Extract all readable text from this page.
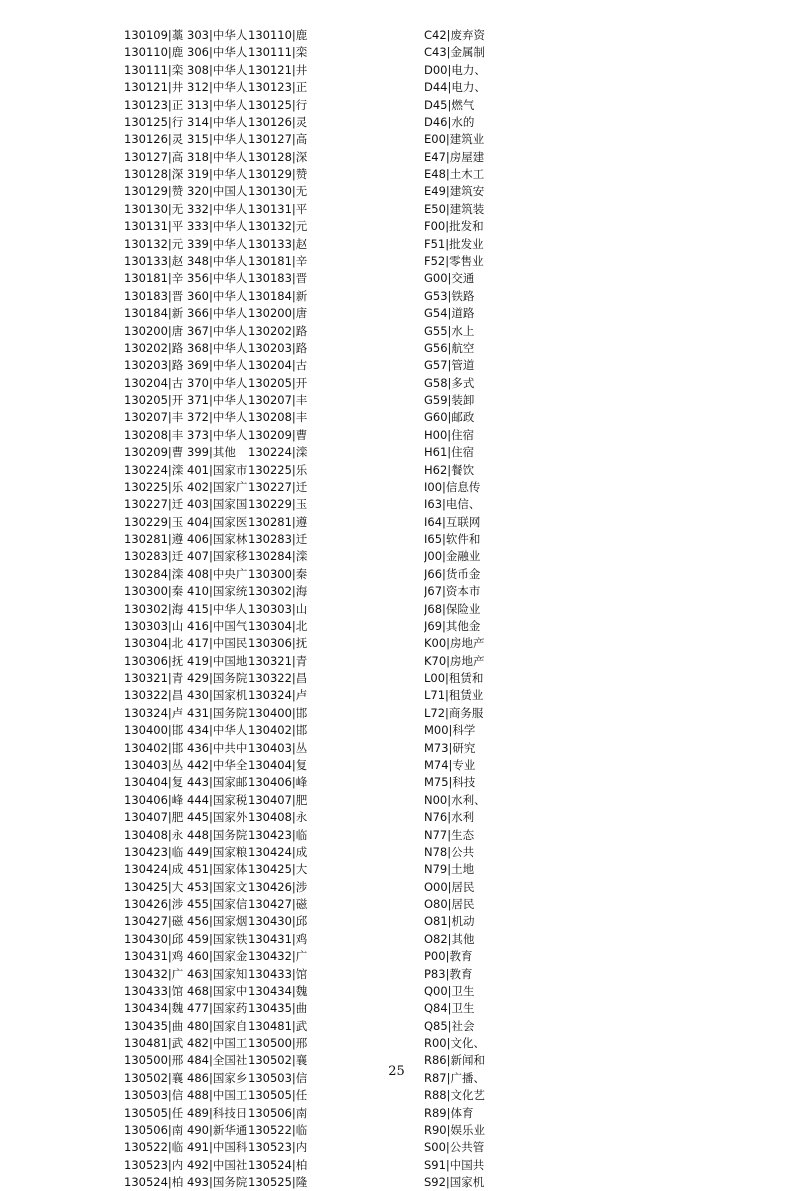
130109|藁 303|中华人 130110|鹿	C42|废弃资
130110|鹿 306|中华人 130111|栾	C43|金属制
130111|栾 308|中华人 130121|井	D00|电力、
130121|井 312|中华人 130123|正	D44|电力、
130123|正 313|中华人 130125|行	D45|燃气
130125|行 314|中华人 130126|灵	D46|水的
130126|灵 315|中华人 130127|高	E00|建筑业
130127|高 318|中华人 130128|深	E47|房屋建
130128|深 319|中华人 130129|赞	E48|土木工
130129|赞 320|中国人 130130|无	E49|建筑安
130130|无 332|中华人 130131|平	E50|建筑装
130131|平 333|中华人 130132|元	F00|批发和
130132|元 339|中华人 130133|赵	F51|批发业
130133|赵 348|中华人 130181|辛	F52|零售业
130181|辛 356|中华人 130183|晋	G00|交通
130183|晋 360|中华人 130184|新	G53|铁路
130184|新 366|中华人 130200|唐	G54|道路
130200|唐 367|中华人 130202|路	G55|水上
130202|路 368|中华人 130203|路	G56|航空
130203|路 369|中华人 130204|古	G57|管道
130204|古 370|中华人 130205|开	G58|多式
130205|开 371|中华人 130207|丰	G59|装卸
130207|丰 372|中华人 130208|丰	G60|邮政
130208|丰 373|中华人 130209|曹	H00|住宿
130209|曹 399|其他 130224|滦	H61|住宿
130224|滦 401|国家市 130225|乐	H62|餐饮
130225|乐 402|国家广 130227|迁	I00|信息传
130227|迁 403|国家国 130229|玉	I63|电信、
130229|玉 404|国家医 130281|遵	I64|互联网
130281|遵 406|国家林 130283|迁	I65|软件和
130283|迁 407|国家移 130284|滦	J00|金融业
130284|滦 408|中央广 130300|秦	J66|货币金
130300|秦 410|国家统 130302|海	J67|资本市
130302|海 415|中华人 130303|山	J68|保险业
130303|山 416|中国气 130304|北	J69|其他金
130304|北 417|中国民 130306|抚	K00|房地产
130306|抚 419|中国地 130321|青	K70|房地产
130321|青 429|国务院 130322|昌	L00|租赁和
130322|昌 430|国家机 130324|卢	L71|租赁业
130324|卢 431|国务院 130400|邯	L72|商务服
130400|邯 434|中华人 130402|邯	M00|科学
130402|邯 436|中共中 130403|丛	M73|研究
130403|丛 442|中华全 130404|复	M74|专业
130404|复 443|国家邮 130406|峰	M75|科技
130406|峰 444|国家税 130407|肥	N00|水利、
130407|肥 445|国家外 130408|永	N76|水利
130408|永 448|国务院 130423|临	N77|生态
130423|临 449|国家粮 130424|成	N78|公共
130424|成 451|国家体 130425|大	N79|土地
130425|大 453|国家文 130426|涉	O00|居民
130426|涉 455|国家信 130427|磁	O80|居民
130427|磁 456|国家烟 130430|邱	O81|机动
130430|邱 459|国家铁 130431|鸡	O82|其他
130431|鸡 460|国家金 130432|广	P00|教育
130432|广 463|国家知 130433|馆	P83|教育
130433|馆 468|国家中 130434|魏	Q00|卫生
130434|魏 477|国家药 130435|曲	Q84|卫生
130435|曲 480|国家自 130481|武	Q85|社会
130481|武 482|中国工 130500|邢	R00|文化、
130500|邢 484|全国社 130502|襄	R86|新闻和
130502|襄 486|国家乡 130503|信	R87|广播、
130503|信 488|中国工 130505|任	R88|文化艺
130505|任 489|科技日 130506|南	R89|体育
130506|南 490|新华通 130522|临	R90|娱乐业
130522|临 491|中国科 130523|内	S00|公共管
130523|内 492|中国社 130524|柏	S91|中国共
130524|柏 493|国务院 130525|隆	S92|国家机
25
